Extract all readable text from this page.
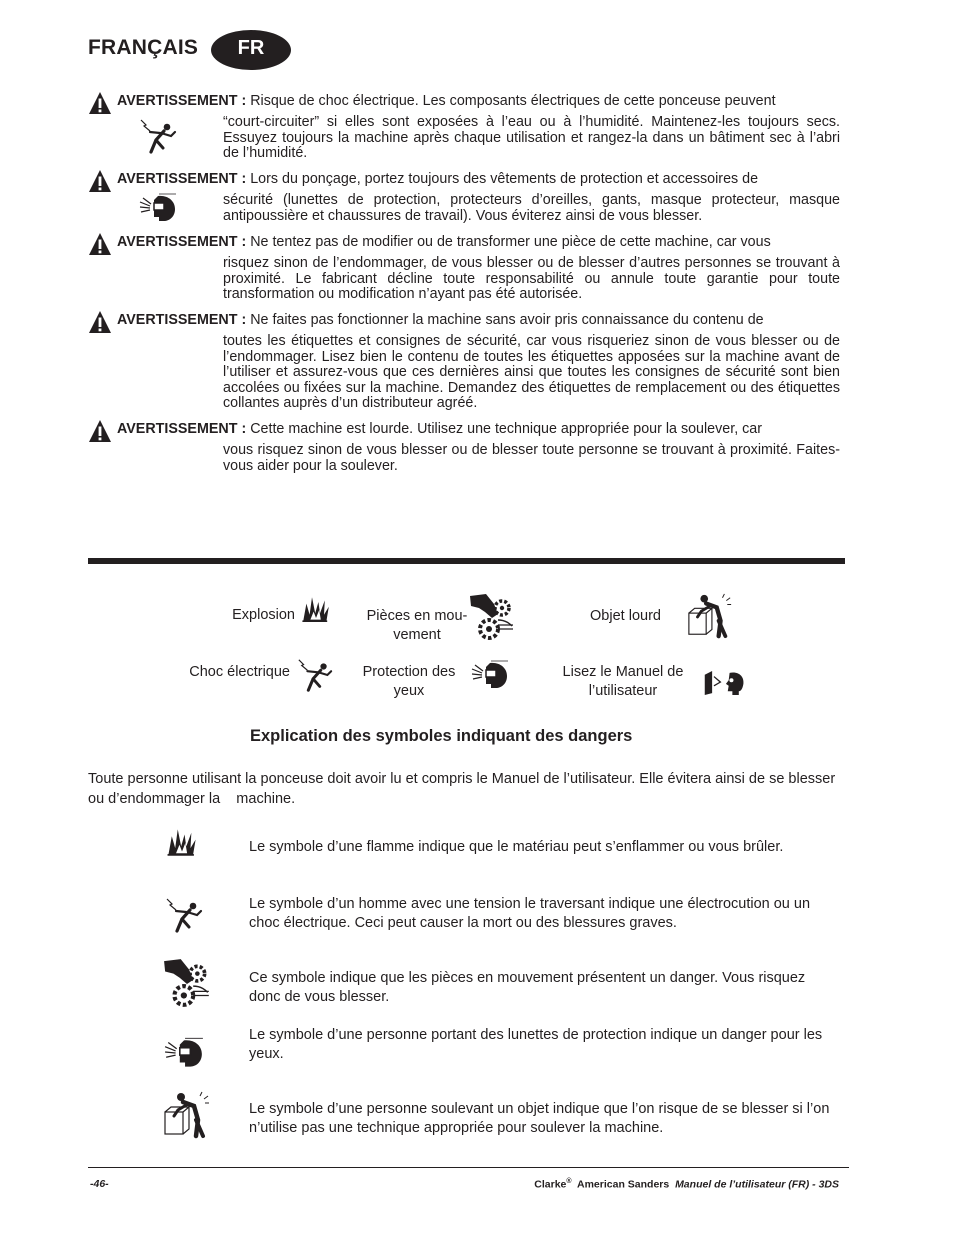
FRANÇAIS	FR
AVERTISSEMENT : Risque de choc électrique. Les composants électriques de cette ponceuse peuvent
“court-circuiter” si elles sont exposées à l’eau ou à l’humidité. Maintenez-les toujours secs. Essuyez toujours la machine après chaque utilisation et rangez-la dans un bâtiment sec à l’abri de l’humidité.
AVERTISSEMENT : Lors du ponçage, portez toujours des vêtements de protection et accessoires de
sécurité (lunettes de protection, protecteurs d’oreilles, gants, masque protecteur, masque antipoussière et chaussures de travail). Vous éviterez ainsi de vous blesser.
AVERTISSEMENT : Ne tentez pas de modifier ou de transformer une pièce de cette machine, car vous
risquez sinon de l’endommager, de vous blesser ou de blesser d’autres personnes se trouvant à proximité. Le fabricant décline toute responsabilité ou annule toute garantie pour toute transformation ou modification n’ayant pas été autorisée.
AVERTISSEMENT : Ne faites pas fonctionner la machine sans avoir pris connaissance du contenu de
toutes les étiquettes et consignes de sécurité, car vous risqueriez sinon de vous blesser ou de l’endommager. Lisez bien le contenu de toutes les étiquettes apposées sur la machine avant de l’utiliser et assurez-vous que ces dernières ainsi que toutes les consignes de sécurité sont bien accolées ou fixées sur la machine. Demandez des étiquettes de remplacement ou des étiquettes collantes auprès d’un distributeur agréé.
AVERTISSEMENT : Cette machine est lourde. Utilisez une technique appropriée pour la soulever, car
vous risquez sinon de vous blesser ou de blesser toute personne se trouvant à proximité. Faites-vous aider pour la soulever.
Explosion	Pièces en mou-
vement
Objet lourd
Choc électrique	Protection des
yeux
Lisez le Manuel de
l’utilisateur
Explication des symboles indiquant des dangers
Toute personne utilisant la ponceuse doit avoir lu et compris le Manuel de l’utilisateur. Elle évitera ainsi de se blesser ou d’endommager la    machine.
Le symbole d’une flamme indique que le matériau peut s’enflammer ou vous brûler.
Le symbole d’un homme avec une tension le traversant indique une électrocution ou un choc électrique. Ceci peut causer la mort ou des blessures graves.
Ce symbole indique que les pièces en mouvement présentent un danger. Vous risquez donc de vous blesser.
Le symbole d’une personne portant des lunettes de protection indique un danger pour les yeux.
Le symbole d’une personne soulevant un objet indique que l’on risque de se blesser si l’on n’utilise pas une technique appropriée pour soulever la machine.
-46-	Clarke® American Sanders Manuel de l’utilisateur (FR) - 3DS
